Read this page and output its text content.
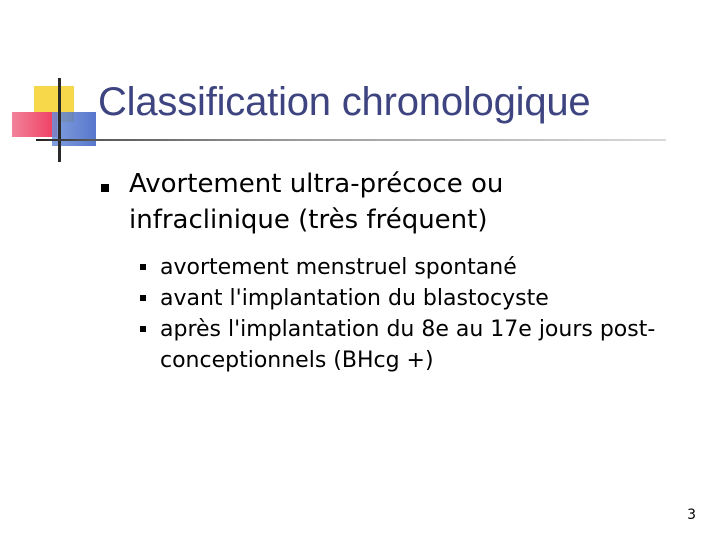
Classification chronologique
Avortement ultra-précoce ou infraclinique (très fréquent)
avortement menstruel spontané
avant l'implantation du blastocyste
après l'implantation du 8e au 17e jours post-conceptionnels (BHcg +)
3
